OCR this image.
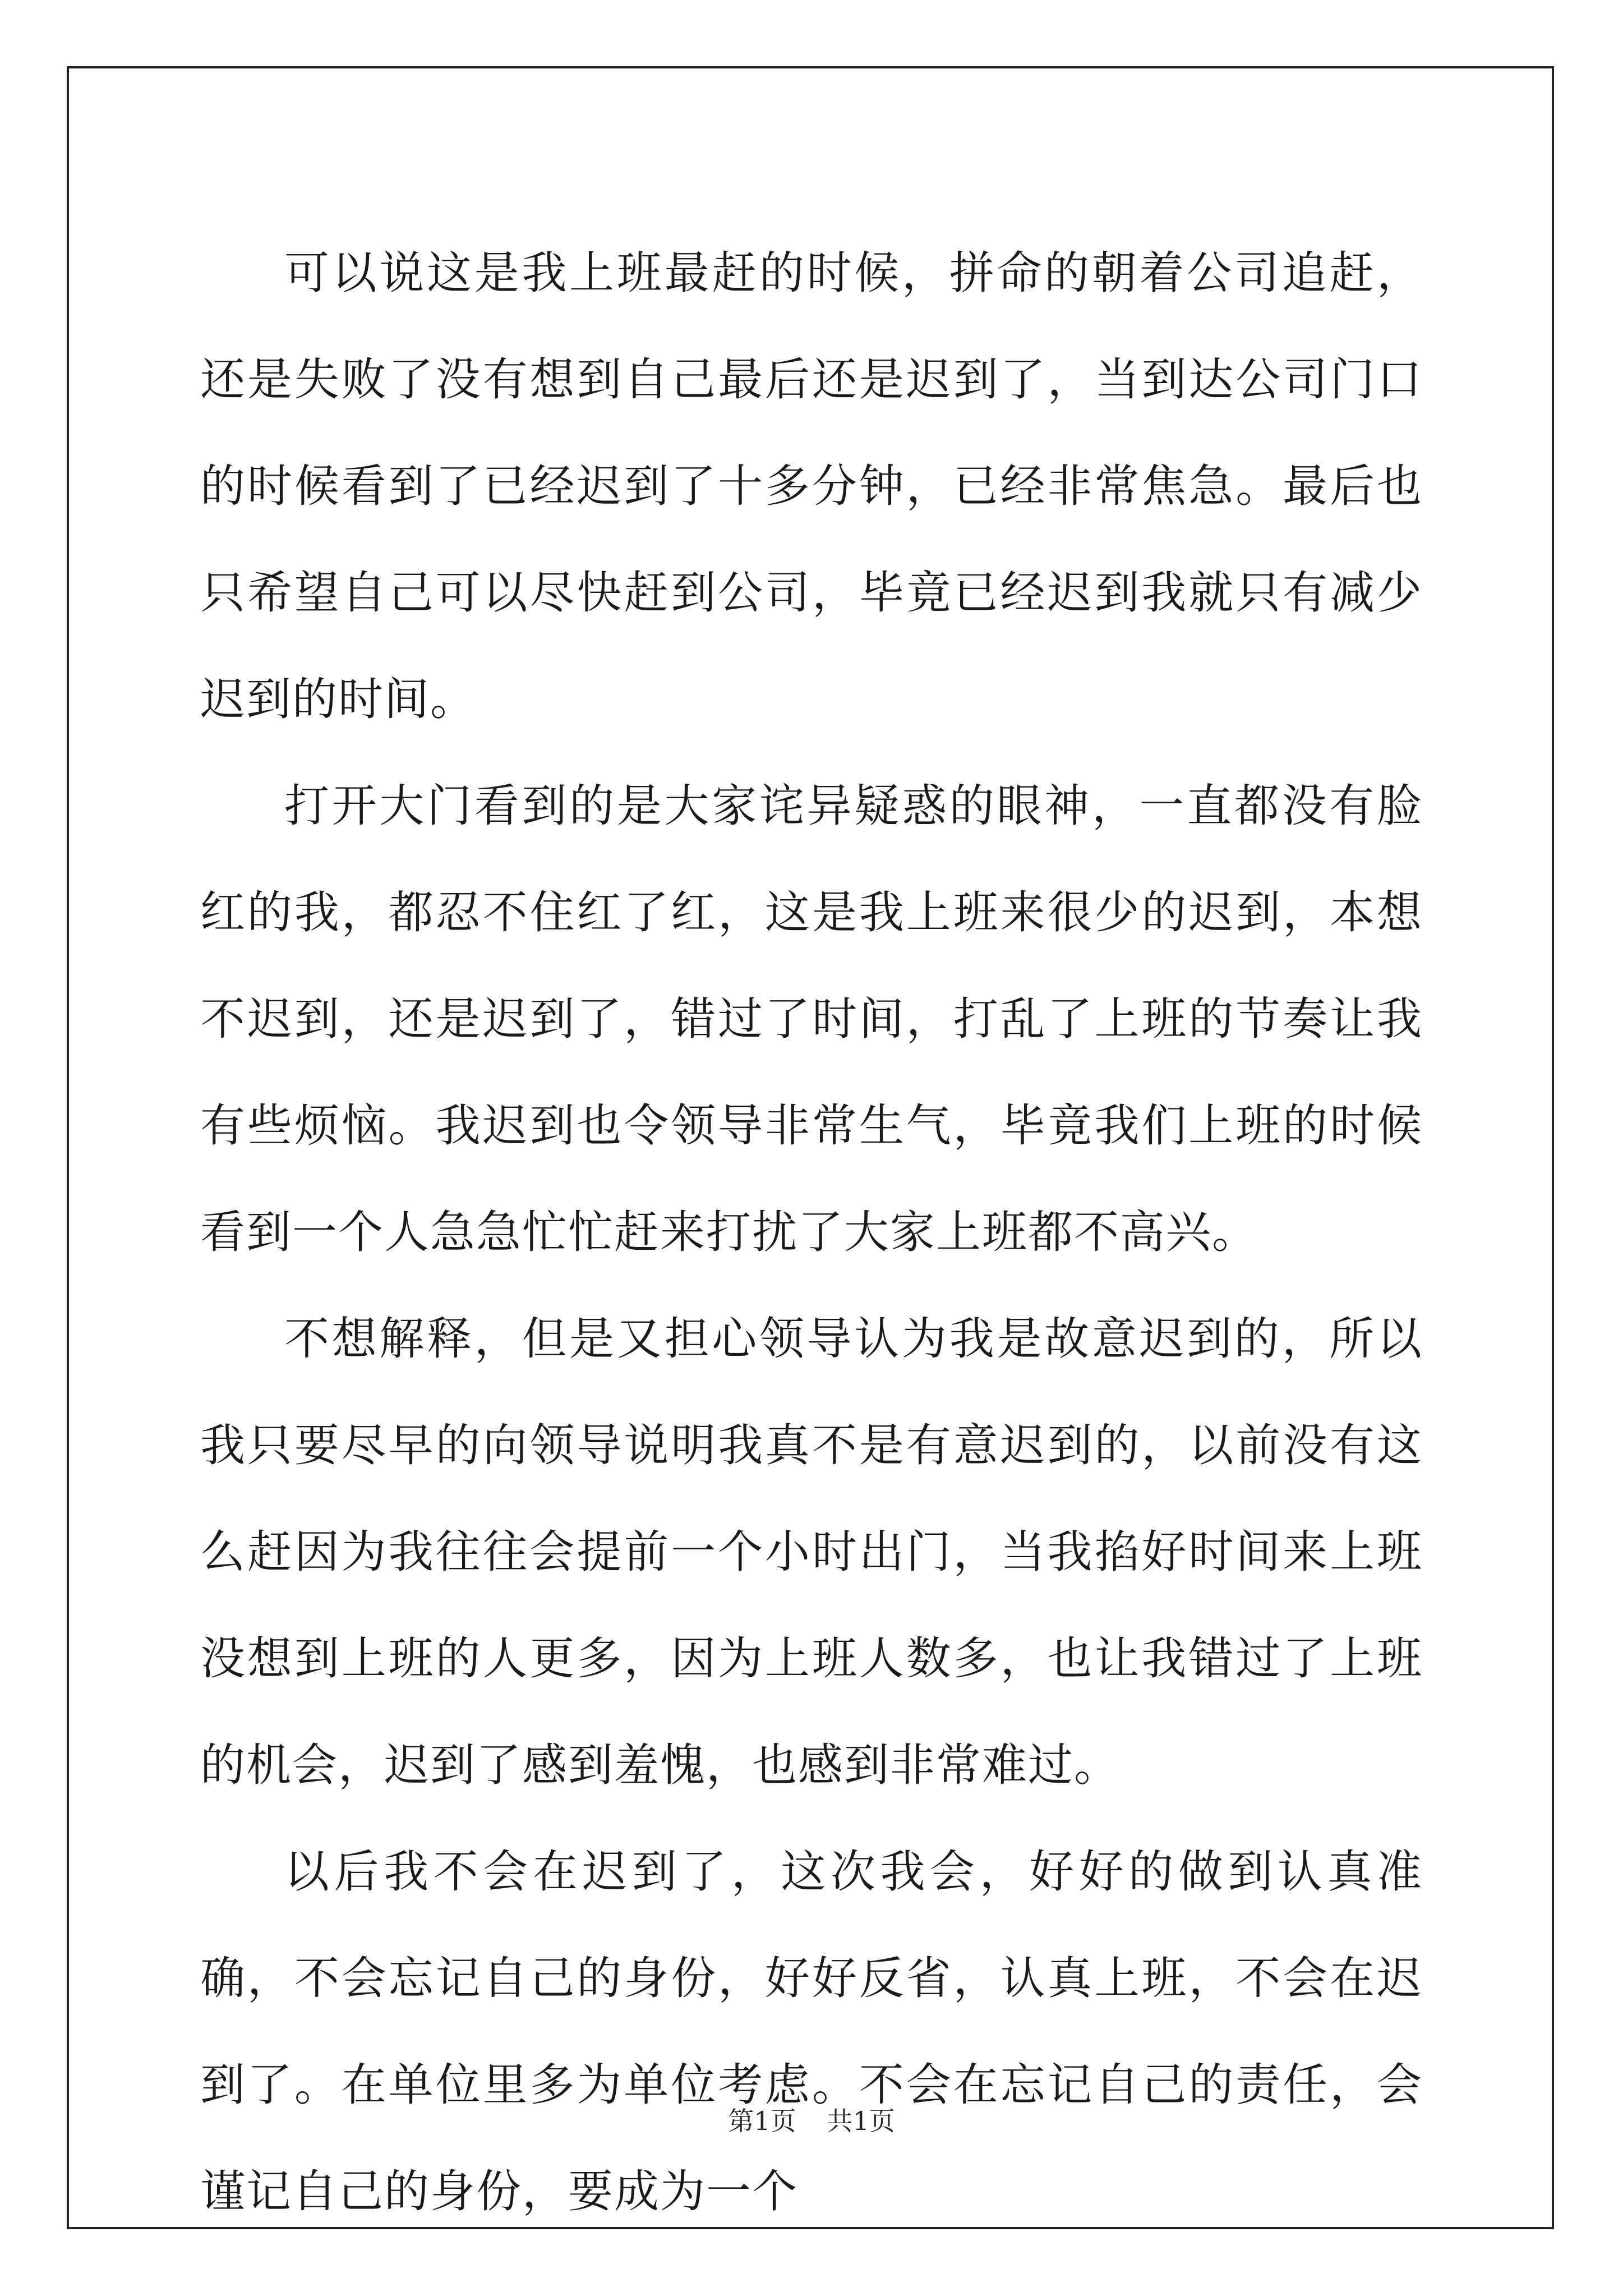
可以说这是我上班最赶的时候，拼命的朝着公司追赶，还是失败了没有想到自己最后还是迟到了，当到达公司门口的时候看到了已经迟到了十多分钟，已经非常焦急。最后也只希望自己可以尽快赶到公司，毕竟已经迟到我就只有减少迟到的时间。

打开大门看到的是大家诧异疑惑的眼神，一直都没有脸红的我，都忍不住红了红，这是我上班来很少的迟到，本想不迟到，还是迟到了，错过了时间，打乱了上班的节奏让我有些烦恼。我迟到也令领导非常生气，毕竟我们上班的时候看到一个人急急忙忙赶来打扰了大家上班都不高兴。

不想解释，但是又担心领导认为我是故意迟到的，所以我只要尽早的向领导说明我真不是有意迟到的，以前没有这么赶因为我往往会提前一个小时出门，当我掐好时间来上班没想到上班的人更多，因为上班人数多，也让我错过了上班的机会，迟到了感到羞愧，也感到非常难过。

以后我不会在迟到了，这次我会，好好的做到认真准确，不会忘记自己的身份，好好反省，认真上班，不会在迟到了。在单位里多为单位考虑。不会在忘记自己的责任，会谨记自己的身份，要成为一个

第1页 共1页
